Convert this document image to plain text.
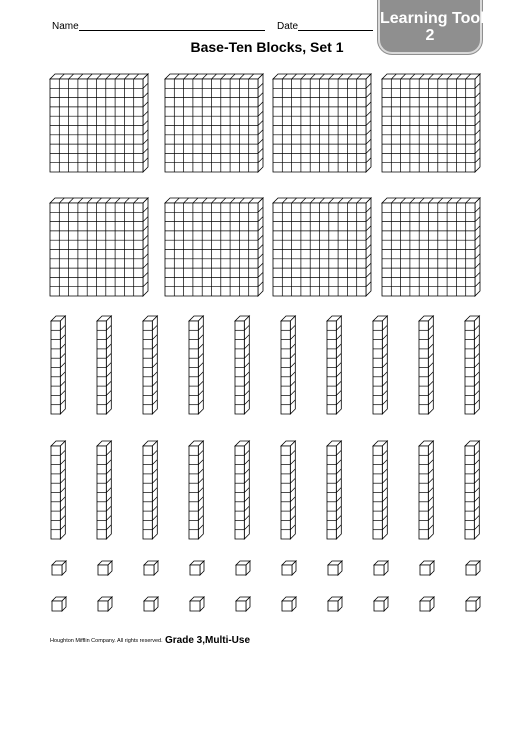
Name	Date	Learning Tool
2
Base-Ten Blocks, Set 1
Houghton Mifflin Company. All rights reserved. Grade 3,Multi-Use
